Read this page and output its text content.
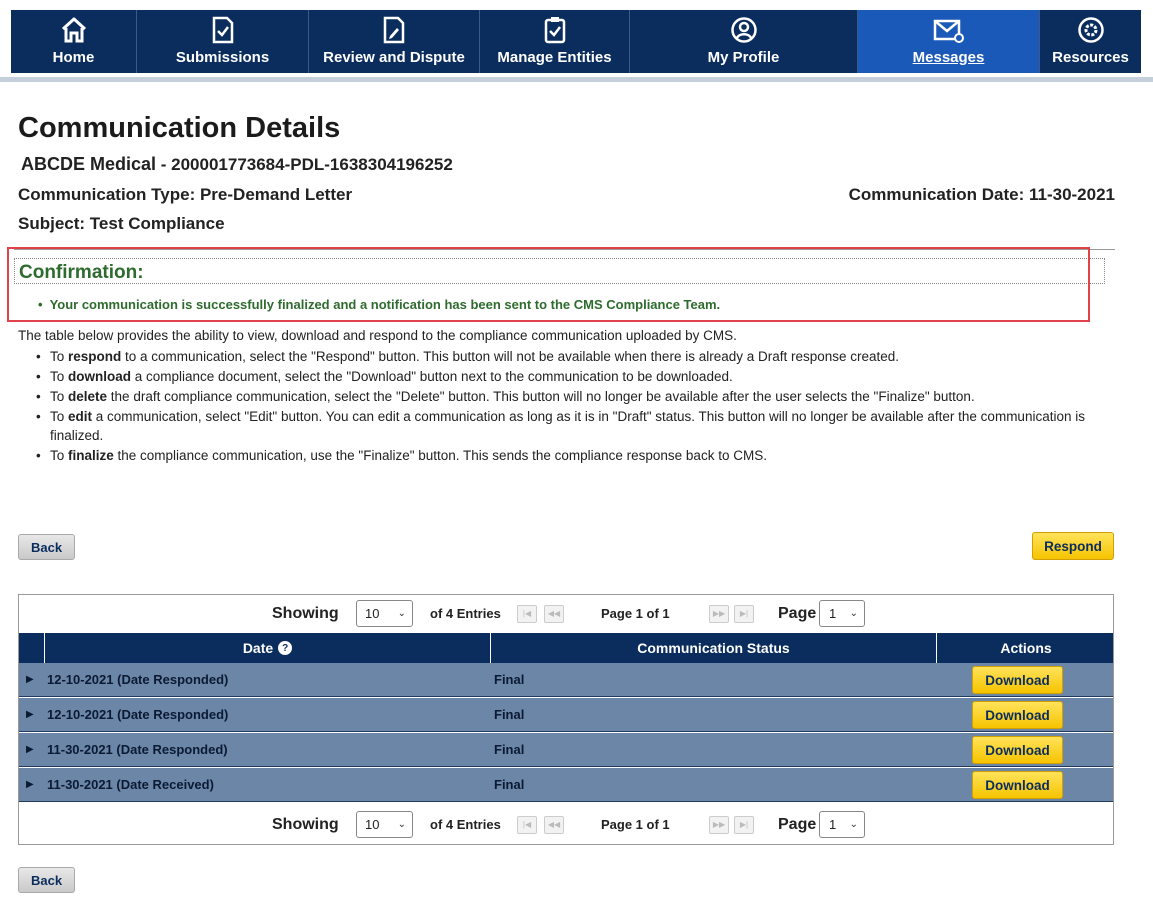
Home	Submissions	Review and Dispute Manage Entities	My Profile	Messages	Resources
Communication Details
ABCDE Medical - 200001773684-PDL-1638304196252
Communication Type: Pre-Demand Letter	Communication Date: 11-30-2021
Subject: Test Compliance
Confirmation:
• Your communication is successfully finalized and a notification has been sent to the CMS Compliance Team.
The table below provides the ability to view, download and respond to the compliance communication uploaded by CMS.
• To respond to a communication, select the "Respond" button. This button will not be available when there is already a Draft response created.
• To download a compliance document, select the "Download" button next to the communication to be downloaded.
• To delete the draft compliance communication, select the "Delete" button. This button will no longer be available after the user selects the "Finalize" button.
• To edit a communication, select "Edit" button. You can edit a communication as long as it is in "Draft" status. This button will no longer be available after the communication is finalized.
• To finalize the compliance communication, use the "Finalize" button. This sends the compliance response back to CMS.
Back	Respond
Showing 10 ⌄ of 4 Entries	|◀	◀◀	Page 1 of 1	▶▶	▶|	Page 1 ⌄
Date ?	Communication Status	Actions
▶ 12-10-2021 (Date Responded)	Final	Download
▶ 12-10-2021 (Date Responded)	Final	Download
▶ 11-30-2021 (Date Responded)	Final	Download
▶ 11-30-2021 (Date Received)	Final	Download
Showing 10 ⌄ of 4 Entries	|◀	◀◀	Page 1 of 1	▶▶	▶|	Page 1 ⌄
Back
